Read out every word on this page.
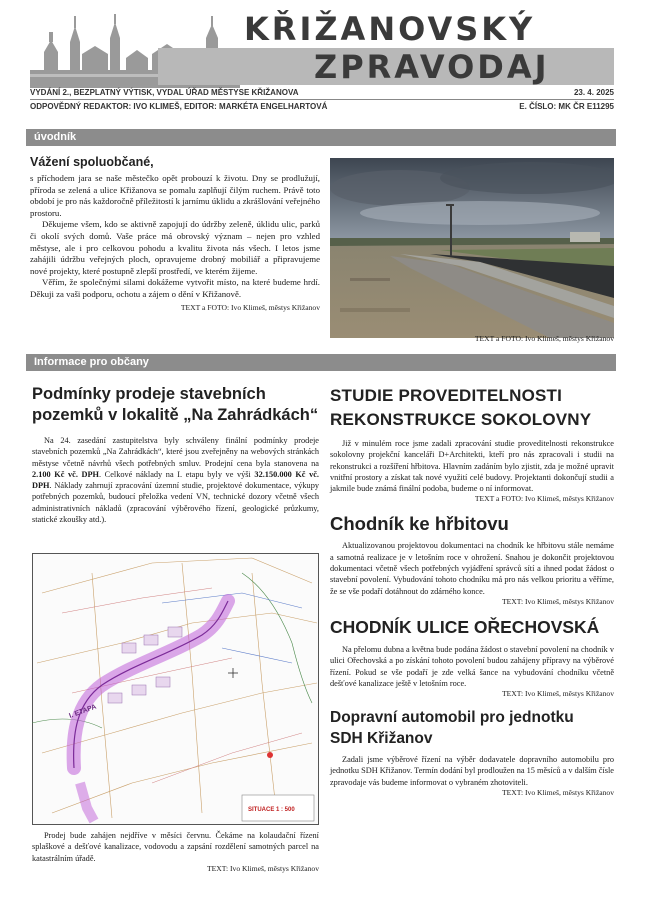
KŘIŽANOVSKÝ
ZPRAVODAJ
VYDÁNÍ 2., BEZPLATNÝ VÝTISK, VYDAL ÚŘAD MĚSTYSE KŘIŽANOVA	23. 4. 2025
ODPOVĚDNÝ REDAKTOR: IVO KLIMEŠ, EDITOR: MARKÉTA ENGELHARTOVÁ	E. ČÍSLO: MK ČR E11295
úvodník
Vážení spoluobčané,

s příchodem jara se naše městečko opět probouzí k životu. Dny se prodlužují, příroda se zelená a ulice Křižanova se pomalu zaplňují čilým ruchem. Právě toto období je pro nás každoročně příležitostí k jarnímu úklidu a zkrášlování veřejného prostoru.

Děkujeme všem, kdo se aktivně zapojují do údržby zeleně, úklidu ulic, parků či okolí svých domů. Vaše práce má obrovský význam – nejen pro vzhled městyse, ale i pro celkovou pohodu a kvalitu života nás všech. I letos jsme zahájili údržbu veřejných ploch, opravujeme drobný mobiliář a připravujeme nové projekty, které postupně zlepší prostředí, ve kterém žijeme.

Věřím, že společnými silami dokážeme vytvořit místo, na které budeme hrdí. Děkuji za vaši podporu, ochotu a zájem o dění v Křižanově.

TEXT a FOTO: Ivo Klimeš, městys Křižanov

TEXT a FOTO: Ivo Klimeš, městys Křižanov
Informace pro občany
Podmínky prodeje stavebních pozemků v lokalitě „Na Zahrádkách“

Na 24. zasedání zastupitelstva byly schváleny finální podmínky prodeje stavebních pozemků „Na Zahrádkách“, které jsou zveřejněny na webových stránkách městyse včetně návrhů všech potřebných smluv. Prodejní cena byla stanovena na 2.100 Kč vč. DPH. Celkové náklady na I. etapu byly ve výši 32.150.000 Kč vč. DPH. Náklady zahrnují zpracování územní studie, projektové dokumentace, výkupy potřebných pozemků, budoucí přeložka vedení VN, technické dozory včetně všech administrativních nákladů (zpracování výběrového řízení, geologické průzkumy, statické zkoušky atd.).

I. ETAPA
SITUACE 1 : 500

Prodej bude zahájen nejdříve v měsíci červnu. Čekáme na kolaudační řízení splaškové a dešťové kanalizace, vodovodu a zapsání rozdělení samotných parcel na katastrálním úřadě.

TEXT: Ivo Klimeš, městys Křižanov

STUDIE PROVEDITELNOSTI
REKONSTRUKCE SOKOLOVNY

Již v minulém roce jsme zadali zpracování studie proveditelnosti rekonstrukce sokolovny projekční kanceláři D+Architekti, kteří pro nás zpracovali i studii na rekonstrukci a rozšíření hřbitova. Hlavním zadáním bylo zjistit, zda je možné upravit vnitřní prostory a získat tak nové využití celé budovy. Projektanti dokončují studii a jakmile bude známá finální podoba, budeme o ní informovat.

TEXT a FOTO: Ivo Klimeš, městys Křižanov

Chodník ke hřbitovu

Aktualizovanou projektovou dokumentaci na chodník ke hřbitovu stále nemáme a samotná realizace je v letošním roce v ohrožení. Snahou je dokončit projektovou dokumentaci včetně všech potřebných vyjádření správců sítí a ihned podat žádost o stavební povolení. Vybudování tohoto chodníku má pro nás velkou prioritu a věříme, že se vše podaří dotáhnout do zdárného konce.

TEXT: Ivo Klimeš, městys Křižanov

CHODNÍK ULICE OŘECHOVSKÁ

Na přelomu dubna a května bude podána žádost o stavební povolení na chodník v ulici Ořechovská a po získání tohoto povolení budou zahájeny přípravy na výběrové řízení. Pokud se vše podaří je zde velká šance na vybudování chodníku včetně dešťové kanalizace ještě v letošním roce.

TEXT: Ivo Klimeš, městys Křižanov

Dopravní automobil pro jednotku
SDH Křižanov

Zadali jsme výběrové řízení na výběr dodavatele dopravního automobilu pro jednotku SDH Křižanov. Termín dodání byl prodloužen na 15 měsíců a v dalším čísle zpravodaje vás budeme informovat o vybraném zhotoviteli.

TEXT: Ivo Klimeš, městys Křižanov
